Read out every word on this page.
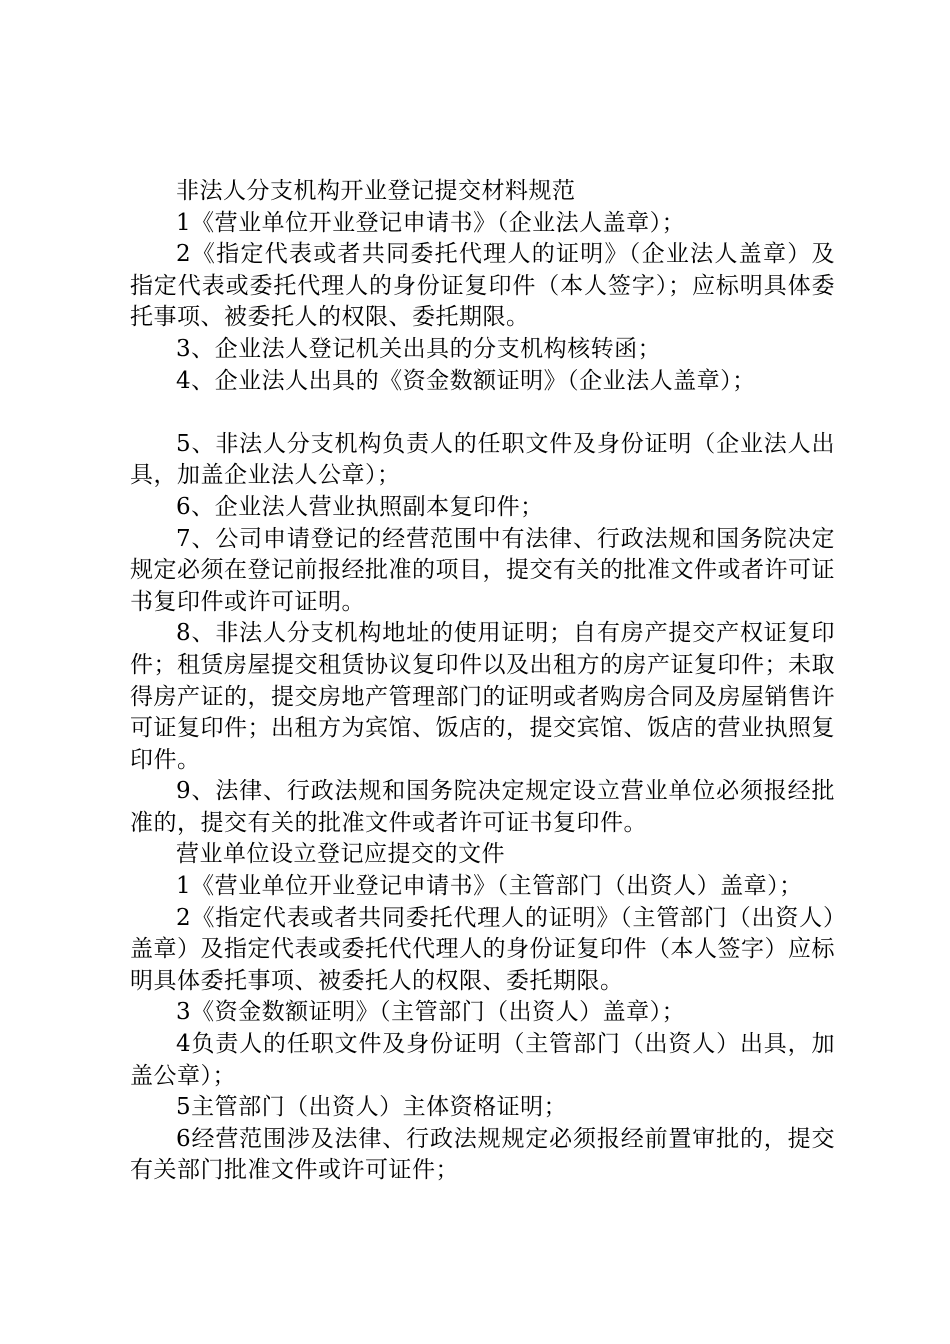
非法人分支机构开业登记提交材料规范

1《营业单位开业登记申请书》（企业法人盖章）；

2《指定代表或者共同委托代理人的证明》（企业法人盖章）及指定代表或委托代理人的身份证复印件（本人签字）；应标明具体委托事项、被委托人的权限、委托期限。

3、企业法人登记机关出具的分支机构核转函；

4、企业法人出具的《资金数额证明》（企业法人盖章）；

5、非法人分支机构负责人的任职文件及身份证明（企业法人出具，加盖企业法人公章）；

6、企业法人营业执照副本复印件；

7、公司申请登记的经营范围中有法律、行政法规和国务院决定规定必须在登记前报经批准的项目，提交有关的批准文件或者许可证书复印件或许可证明。

8、非法人分支机构地址的使用证明；自有房产提交产权证复印件；租赁房屋提交租赁协议复印件以及出租方的房产证复印件；未取得房产证的，提交房地产管理部门的证明或者购房合同及房屋销售许可证复印件；出租方为宾馆、饭店的，提交宾馆、饭店的营业执照复印件。

9、法律、行政法规和国务院决定规定设立营业单位必须报经批准的，提交有关的批准文件或者许可证书复印件。

营业单位设立登记应提交的文件

1《营业单位开业登记申请书》（主管部门（出资人）盖章）；

2《指定代表或者共同委托代理人的证明》（主管部门（出资人）盖章）及指定代表或委托代代理人的身份证复印件（本人签字）应标明具体委托事项、被委托人的权限、委托期限。

3《资金数额证明》（主管部门（出资人）盖章）；

4负责人的任职文件及身份证明（主管部门（出资人）出具，加盖公章）；

5主管部门（出资人）主体资格证明；

6经营范围涉及法律、行政法规规定必须报经前置审批的，提交有关部门批准文件或许可证件；
